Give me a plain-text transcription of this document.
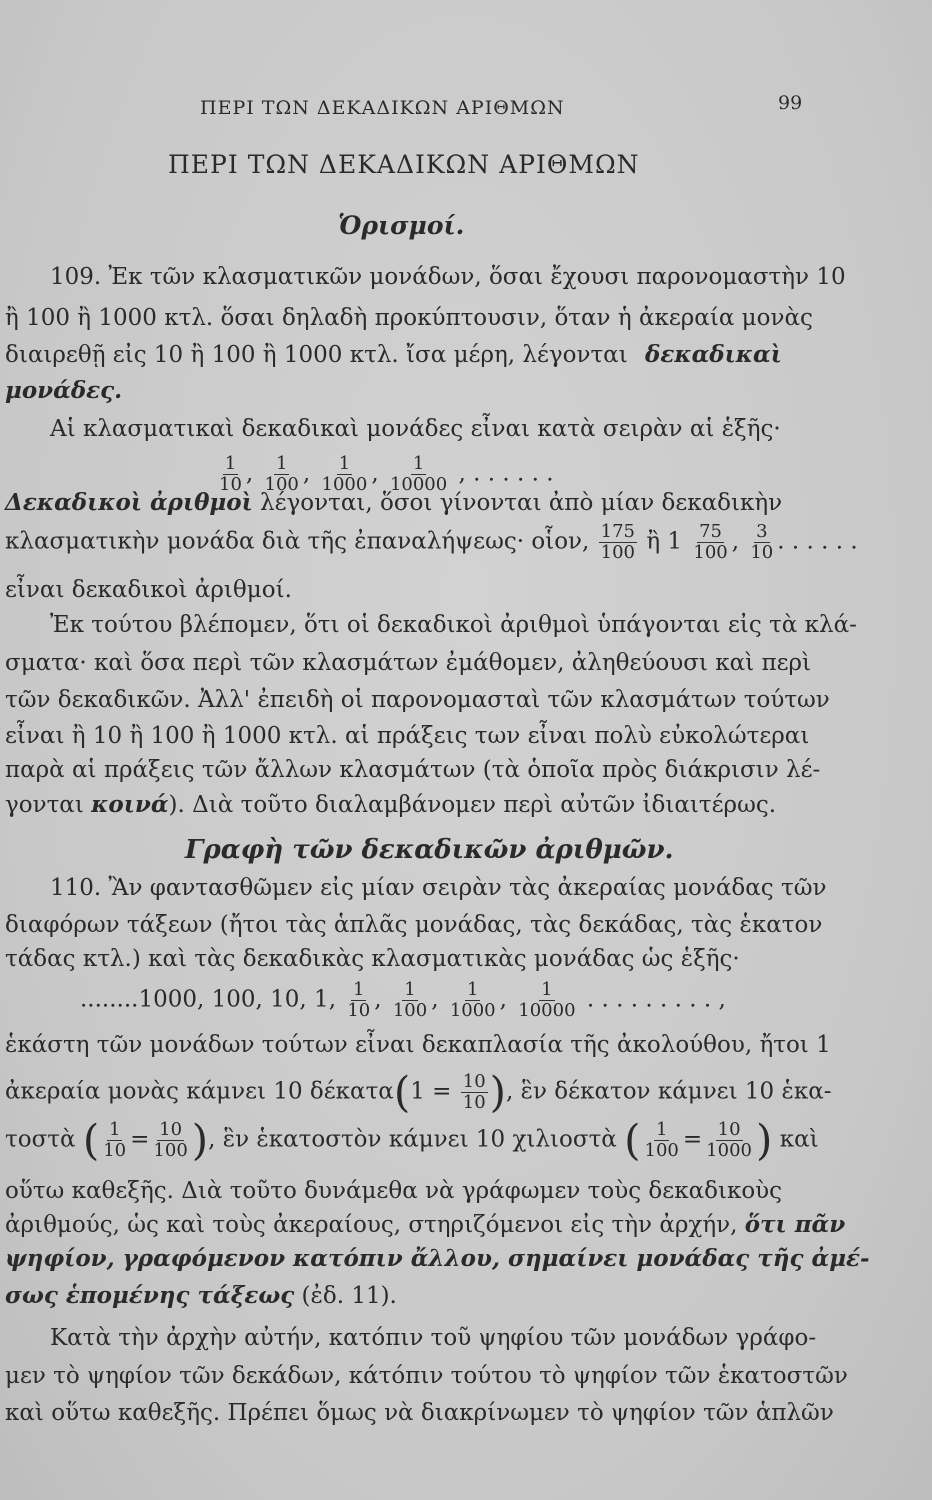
ΠΕΡΙ ΤΩΝ ΔΕΚΑΔΙΚΩΝ ΑΡΙΘΜΩΝ	99
ΠΕΡΙ ΤΩΝ ΔΕΚΑΔΙΚΩΝ ΑΡΙΘΜΩΝ
Ὁρισμοί.
109. Ἐκ τῶν κλασματικῶν μονάδων, ὅσαι ἔχουσι παρονομαστὴν 10
ἢ 100 ἢ 1000 κτλ. ὅσαι δηλαδὴ προκύπτουσιν, ὅταν ἡ ἀκεραία μονὰς
διαιρεθῇ εἰς 10 ἢ 100 ἢ 1000 κτλ. ἴσα μέρη, λέγονται δεκαδικαὶ
μονάδες.
Αἱ κλασματικαὶ δεκαδικαὶ μονάδες εἶναι κατὰ σειρὰν αἱ ἑξῆς·
$\frac{1}{10}$ , $\frac{1}{100}$ , $\frac{1}{1000}$ , $\frac{1}{10000}$ , . . . . . .
Δεκαδικοὶ ἀριθμοὶ λέγονται, ὅσοι γίνονται ἀπὸ μίαν δεκαδικὴν
κλασματικὴν μονάδα διὰ τῆς ἐπαναλήψεως· οἷον, $\frac{175}{100}$ ἢ $1 \frac{75}{100}$ , $\frac{3}{10}$ . . . . . .
εἶναι δεκαδικοὶ ἀριθμοί.
Ἐκ τούτου βλέπομεν, ὅτι οἱ δεκαδικοὶ ἀριθμοὶ ὑπάγονται εἰς τὰ κλά-
σματα· καὶ ὅσα περὶ τῶν κλασμάτων ἐμάθομεν, ἀληθεύουσι καὶ περὶ
τῶν δεκαδικῶν. Ἀλλ' ἐπειδὴ οἱ παρονομασταὶ τῶν κλασμάτων τούτων
εἶναι ἢ 10 ἢ 100 ἢ 1000 κτλ. αἱ πράξεις των εἶναι πολὺ εὐκολώτεραι
παρὰ αἱ πράξεις τῶν ἄλλων κλασμάτων (τὰ ὁποῖα πρὸς διάκρισιν λέ-
γονται κοινά). Διὰ τοῦτο διαλαμβάνομεν περὶ αὐτῶν ἰδιαιτέρως.
Γραφὴ τῶν δεκαδικῶν ἀριθμῶν.
110. Ἂν φαντασθῶμεν εἰς μίαν σειρὰν τὰς ἀκεραίας μονάδας τῶν
διαφόρων τάξεων (ἤτοι τὰς ἁπλᾶς μονάδας, τὰς δεκάδας, τὰς ἑκατον
τάδας κτλ.) καὶ τὰς δεκαδικὰς κλασματικὰς μονάδας ὡς ἑξῆς·
........1000, 100, 10, 1, $\frac{1}{10}$ , $\frac{1}{100}$ , $\frac{1}{1000}$ , $\frac{1}{10000}$ . . . . . . . . . ,
ἑκάστη τῶν μονάδων τούτων εἶναι δεκαπλασία τῆς ἀκολούθου, ἤτοι 1
ἀκεραία μονὰς κάμνει 10 $\delta έ\kappa\alpha\tau\alpha(1 = \frac{10}{10}$ ), ἓν δέκατον κάμνει 10 ἑκα-
τοστὰ ( $\frac{1}{10} = \frac{10}{100}$ ), ἓν ἑκατοστὸν κάμνει 10 χιλιοστὰ ( $\frac{1}{100} = \frac{10}{1000}$ ) καὶ
οὕτω καθεξῆς. Διὰ τοῦτο δυνάμεθα νὰ γράφωμεν τοὺς δεκαδικοὺς
ἀριθμούς, ὡς καὶ τοὺς ἀκεραίους, στηριζόμενοι εἰς τὴν ἀρχήν, ὅτι πᾶν
ψηφίον, γραφόμενον κατόπιν ἄλλου, σημαίνει μονάδας τῆς ἀμέ-
σως ἑπομένης τάξεως (ἐδ. 11).
Κατὰ τὴν ἀρχὴν αὐτήν, κατόπιν τοῦ ψηφίου τῶν μονάδων γράφο-
μεν τὸ ψηφίον τῶν δεκάδων, κάτόπιν τούτου τὸ ψηφίον τῶν ἑκατοστῶν
καὶ οὕτω καθεξῆς. Πρέπει ὅμως νὰ διακρίνωμεν τὸ ψηφίον τῶν ἁπλῶν
